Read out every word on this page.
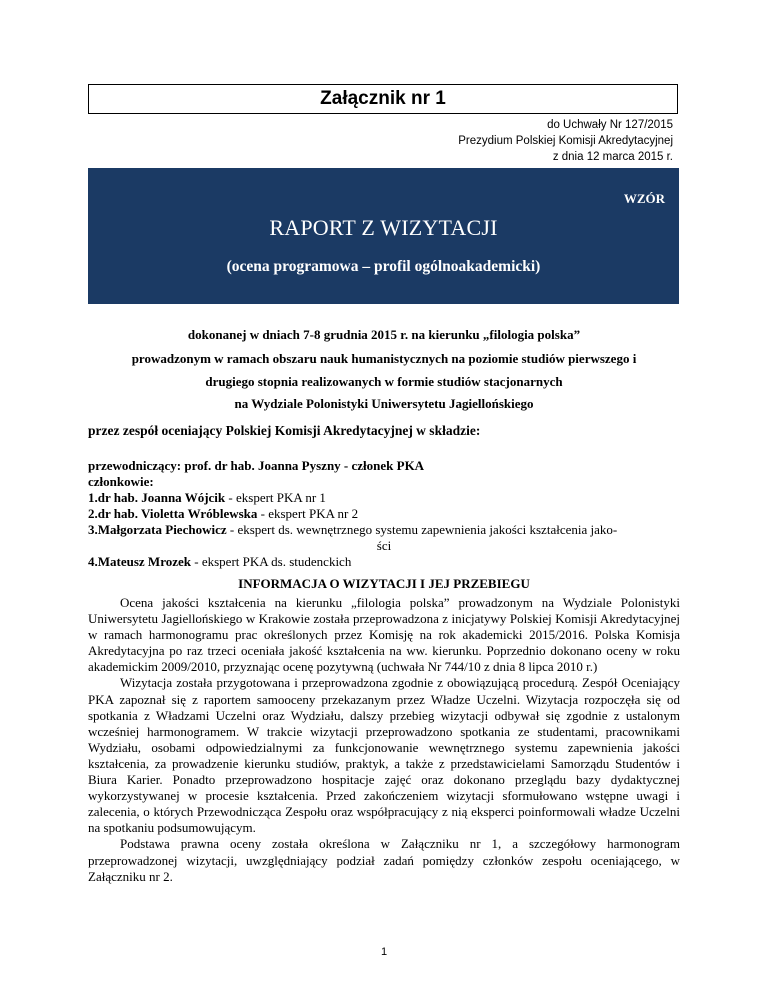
Załącznik nr 1
do Uchwały Nr 127/2015
Prezydium Polskiej Komisji Akredytacyjnej
z dnia 12 marca 2015 r.
WZÓR
RAPORT Z WIZYTACJI
(ocena programowa – profil ogólnoakademicki)
dokonanej w dniach 7-8 grudnia 2015 r. na kierunku „filologia polska”
prowadzonym w ramach obszaru nauk humanistycznych na poziomie studiów pierwszego i
drugiego stopnia realizowanych w formie studiów stacjonarnych
na Wydziale Polonistyki Uniwersytetu Jagiellońskiego
przez zespół oceniający Polskiej Komisji Akredytacyjnej w składzie:
przewodniczący: prof. dr hab. Joanna Pyszny - członek PKA
członkowie:
1.dr hab. Joanna Wójcik - ekspert PKA nr 1
2.dr hab. Violetta Wróblewska - ekspert PKA nr 2
3.Małgorzata Piechowicz - ekspert ds. wewnętrznego systemu zapewnienia jakości kształcenia jako-
ści
4.Mateusz Mrozek - ekspert PKA ds. studenckich
INFORMACJA O WIZYTACJI I JEJ PRZEBIEGU

Ocena jakości kształcenia na kierunku „filologia polska” prowadzonym na Wydziale Polonistyki Uniwersytetu Jagiellońskiego w Krakowie została przeprowadzona z inicjatywy Polskiej Komisji Akredytacyjnej w ramach harmonogramu prac określonych przez Komisję na rok akademicki 2015/2016. Polska Komisja Akredytacyjna po raz trzeci oceniała jakość kształcenia na ww. kierunku. Poprzednio dokonano oceny w roku akademickim 2009/2010, przyznając ocenę pozytywną (uchwała Nr 744/10 z dnia 8 lipca 2010 r.)

Wizytacja została przygotowana i przeprowadzona zgodnie z obowiązującą procedurą. Zespół Oceniający PKA zapoznał się z raportem samooceny przekazanym przez Władze Uczelni. Wizytacja rozpoczęła się od spotkania z Władzami Uczelni oraz Wydziału, dalszy przebieg wizytacji odbywał się zgodnie z ustalonym wcześniej harmonogramem. W trakcie wizytacji przeprowadzono spotkania ze studentami, pracownikami Wydziału, osobami odpowiedzialnymi za funkcjonowanie wewnętrznego systemu zapewnienia jakości kształcenia, za prowadzenie kierunku studiów, praktyk, a także z przedstawicielami Samorządu Studentów i Biura Karier. Ponadto przeprowadzono hospitacje zajęć oraz dokonano przeglądu bazy dydaktycznej wykorzystywanej w procesie kształcenia. Przed zakończeniem wizytacji sformułowano wstępne uwagi i zalecenia, o których Przewodnicząca Zespołu oraz współpracujący z nią eksperci poinformowali władze Uczelni na spotkaniu podsumowującym.

Podstawa prawna oceny została określona w Załączniku nr 1, a szczegółowy harmonogram przeprowadzonej wizytacji, uwzględniający podział zadań pomiędzy członków zespołu oceniającego, w Załączniku nr 2.

1
